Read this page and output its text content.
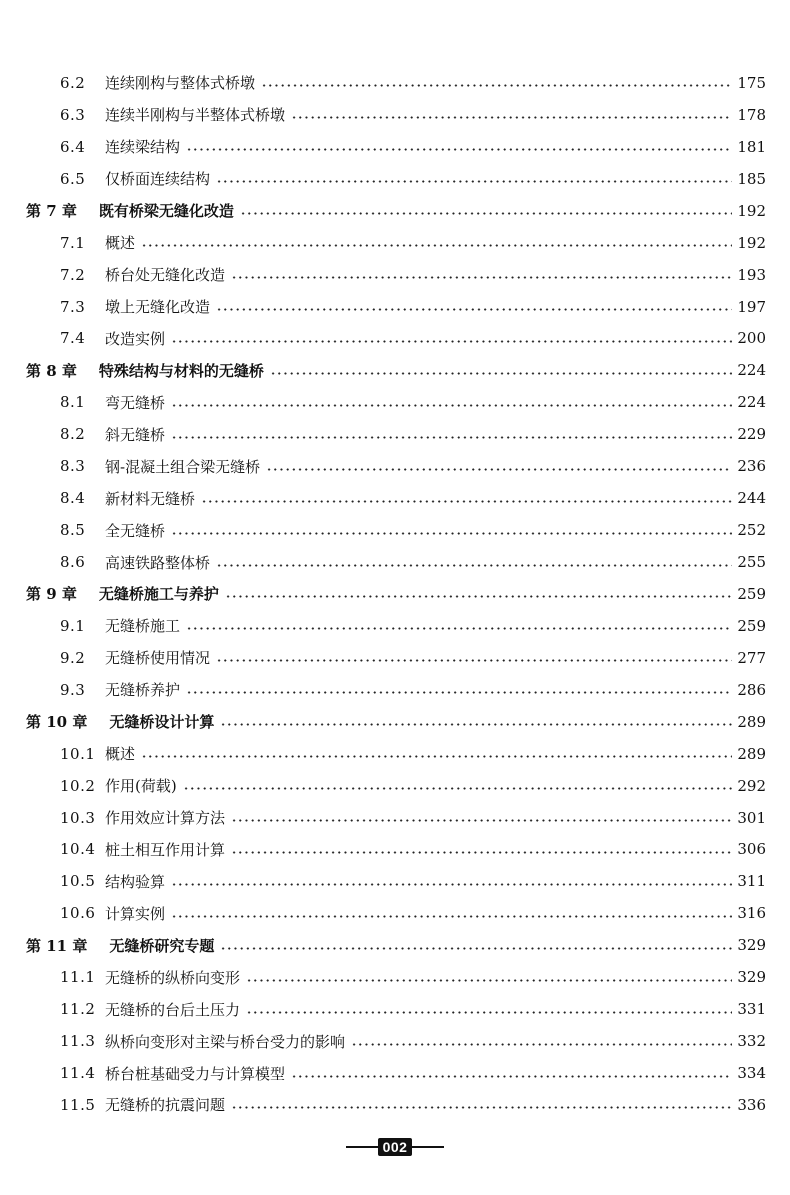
6.2	连续刚构与整体式桥墩	175
6.3	连续半刚构与半整体式桥墩	178
6.4	连续梁结构	181
6.5	仅桥面连续结构	185
第 7 章 既有桥梁无缝化改造	192
7.1	概述	192
7.2	桥台处无缝化改造	193
7.3	墩上无缝化改造	197
7.4	改造实例	200
第 8 章 特殊结构与材料的无缝桥	224
8.1	弯无缝桥	224
8.2	斜无缝桥	229
8.3	钢-混凝土组合梁无缝桥	236
8.4	新材料无缝桥	244
8.5	全无缝桥	252
8.6	高速铁路整体桥	255
第 9 章 无缝桥施工与养护	259
9.1	无缝桥施工	259
9.2	无缝桥使用情况	277
9.3	无缝桥养护	286
第 10 章 无缝桥设计计算	289
10.1 概述	289
10.2 作用(荷载)	292
10.3 作用效应计算方法	301
10.4 桩土相互作用计算	306
10.5 结构验算	311
10.6 计算实例	316
第 11 章 无缝桥研究专题	329
11.1 无缝桥的纵桥向变形	329
11.2 无缝桥的台后土压力	331
11.3 纵桥向变形对主梁与桥台受力的影响	332
11.4 桥台桩基础受力与计算模型	334
11.5 无缝桥的抗震问题	336
002
